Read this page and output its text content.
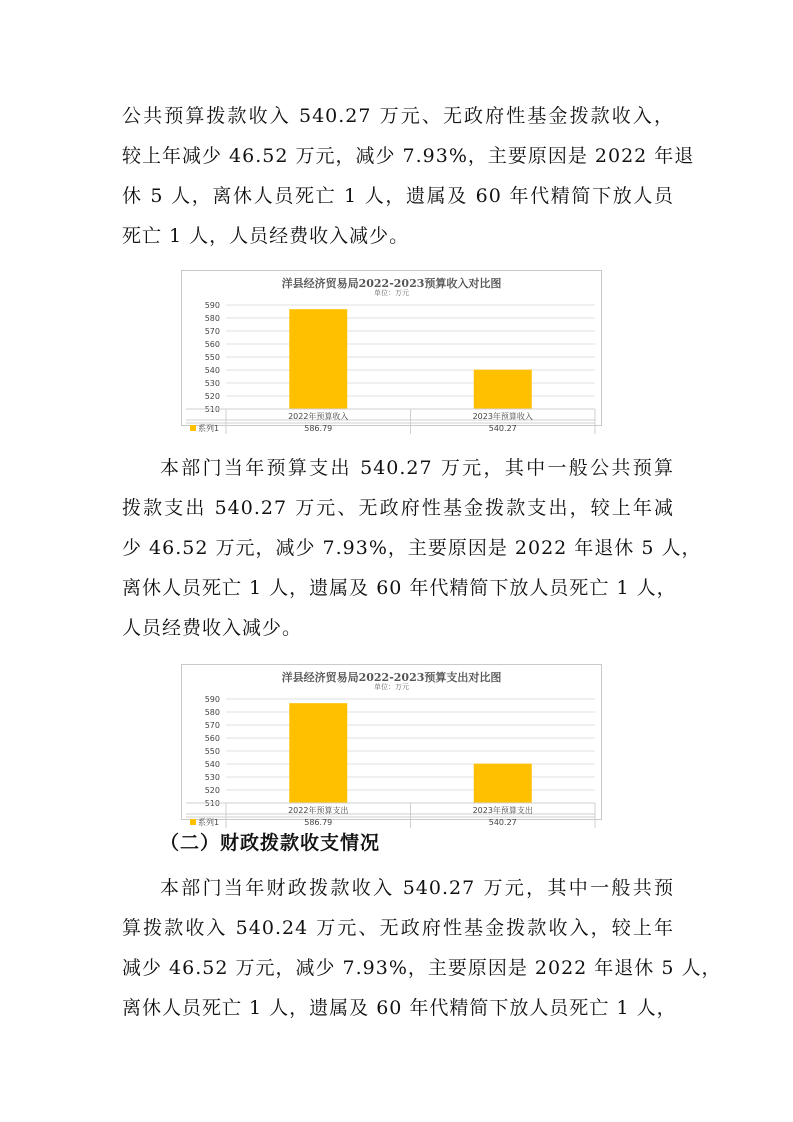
公共预算拨款收入 540.27 万元、无政府性基金拨款收入，
较上年减少 46.52 万元，减少 7.93%，主要原因是 2022 年退
休 5 人，离休人员死亡 1 人，遗属及 60 年代精简下放人员
死亡 1 人，人员经费收入减少。
洋县经济贸易局2022-2023预算收入对比图
单位：万元
510
520
530
540
550
560
570
580
590
2022年预算收入
586.79
2023年预算收入
540.27
系列1
本部门当年预算支出 540.27 万元，其中一般公共预算
拨款支出 540.27 万元、无政府性基金拨款支出，较上年减
少 46.52 万元，减少 7.93%，主要原因是 2022 年退休 5 人，
离休人员死亡 1 人，遗属及 60 年代精简下放人员死亡 1 人，
人员经费收入减少。
洋县经济贸易局2022-2023预算支出对比图
单位：万元
510
520
530
540
550
560
570
580
590
2022年预算支出
586.79
2023年预算支出
540.27
系列1
（二）财政拨款收支情况
本部门当年财政拨款收入 540.27 万元，其中一般共预
算拨款收入 540.24 万元、无政府性基金拨款收入，较上年
减少 46.52 万元，减少 7.93%，主要原因是 2022 年退休 5 人，
离休人员死亡 1 人，遗属及 60 年代精简下放人员死亡 1 人，
